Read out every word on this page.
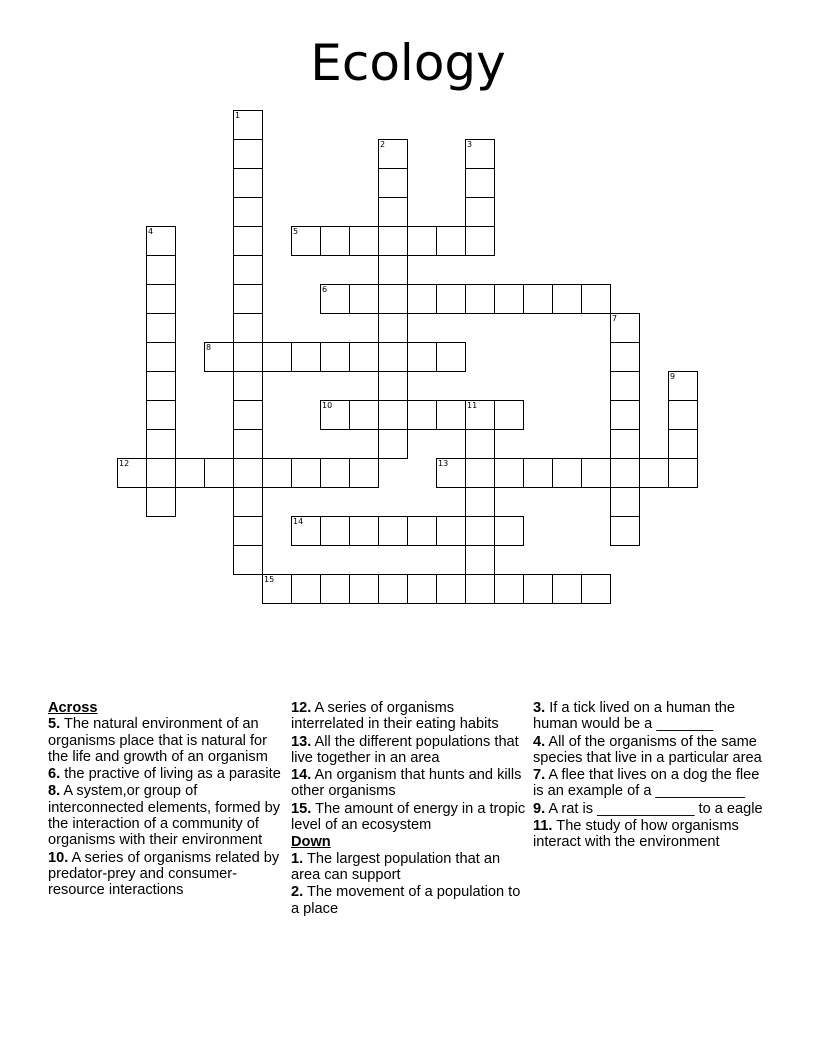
Ecology
1
2	3
4	5
6
7
8
9
10	11
12	13
14
15
Across
5. The natural environment of an organisms place that is natural for the life and growth of an organism
6. the practive of living as a parasite
8. A system,or group of interconnected elements, formed by the interaction of a community of organisms with their environment
10. A series of organisms related by predator-prey and consumer-resource interactions
12. A series of organisms interrelated in their eating habits
13. All the different populations that live together in an area
14. An organism that hunts and kills other organisms
15. The amount of energy in a tropic level of an ecosystem
Down
1. The largest population that an area can support
2. The movement of a population to a place
3. If a tick lived on a human the human would be a _______
4. All of the organisms of the same species that live in a particular area
7. A flee that lives on a dog the flee is an example of a ___________
9. A rat is ____________ to a eagle
11. The study of how organisms interact with the environment
